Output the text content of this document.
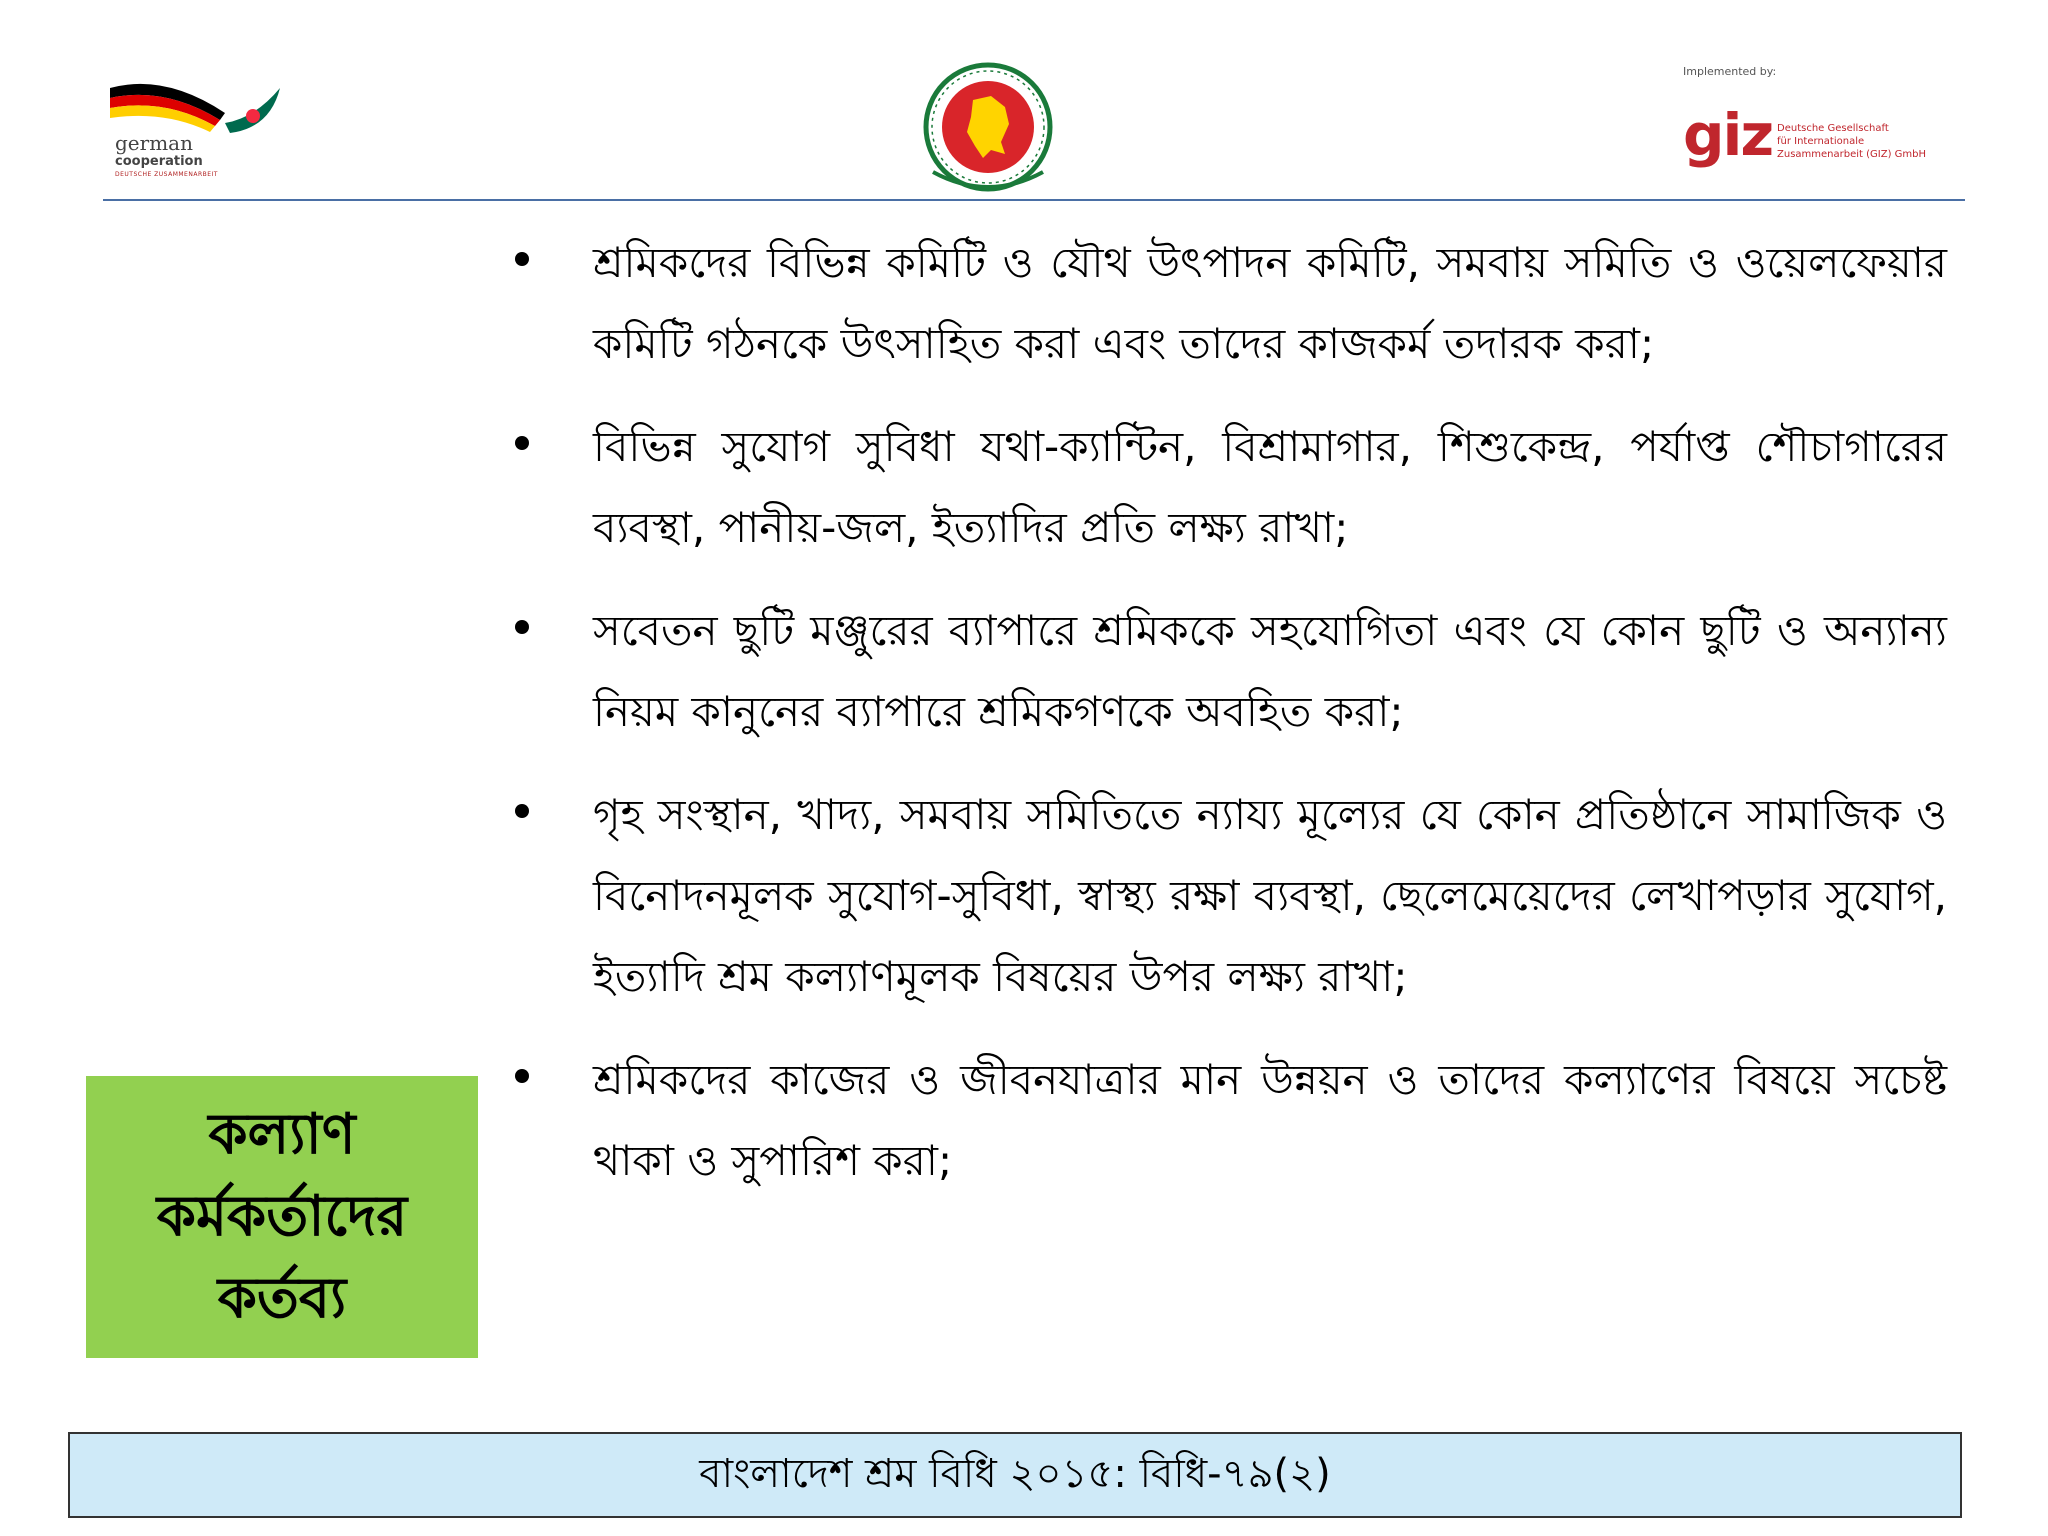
german
cooperation
DEUTSCHE ZUSAMMENARBEIT
Implemented by:
giz Deutsche Gesellschaft
für Internationale
Zusammenarbeit (GIZ) GmbH

শ্রমিকদের বিভিন্ন কমিটি ও যৌথ উৎপাদন কমিটি, সমবায় সমিতি ও ওয়েলফেয়ার কমিটি গঠনকে উৎসাহিত করা এবং তাদের কাজকর্ম তদারক করা;

বিভিন্ন সুযোগ সুবিধা যথা-ক্যান্টিন, বিশ্রামাগার, শিশুকেন্দ্র, পর্যাপ্ত শৌচাগারের ব্যবস্থা, পানীয়-জল, ইত্যাদির প্রতি লক্ষ্য রাখা;

সবেতন ছুটি মঞ্জুরের ব্যাপারে শ্রমিককে সহযোগিতা এবং যে কোন ছুটি ও অন্যান্য নিয়ম কানুনের ব্যাপারে শ্রমিকগণকে অবহিত করা;

গৃহ সংস্থান, খাদ্য, সমবায় সমিতিতে ন্যায্য মূল্যের যে কোন প্রতিষ্ঠানে সামাজিক ও বিনোদনমূলক সুযোগ-সুবিধা, স্বাস্থ্য রক্ষা ব্যবস্থা, ছেলেমেয়েদের লেখাপড়ার সুযোগ, ইত্যাদি শ্রম কল্যাণমূলক বিষয়ের উপর লক্ষ্য রাখা;

শ্রমিকদের কাজের ও জীবনযাত্রার মান উন্নয়ন ও তাদের কল্যাণের বিষয়ে সচেষ্ট থাকা ও সুপারিশ করা;

কল্যাণ
কর্মকর্তাদের
কর্তব্য
বাংলাদেশ শ্রম বিধি ২০১৫: বিধি-৭৯(২)
